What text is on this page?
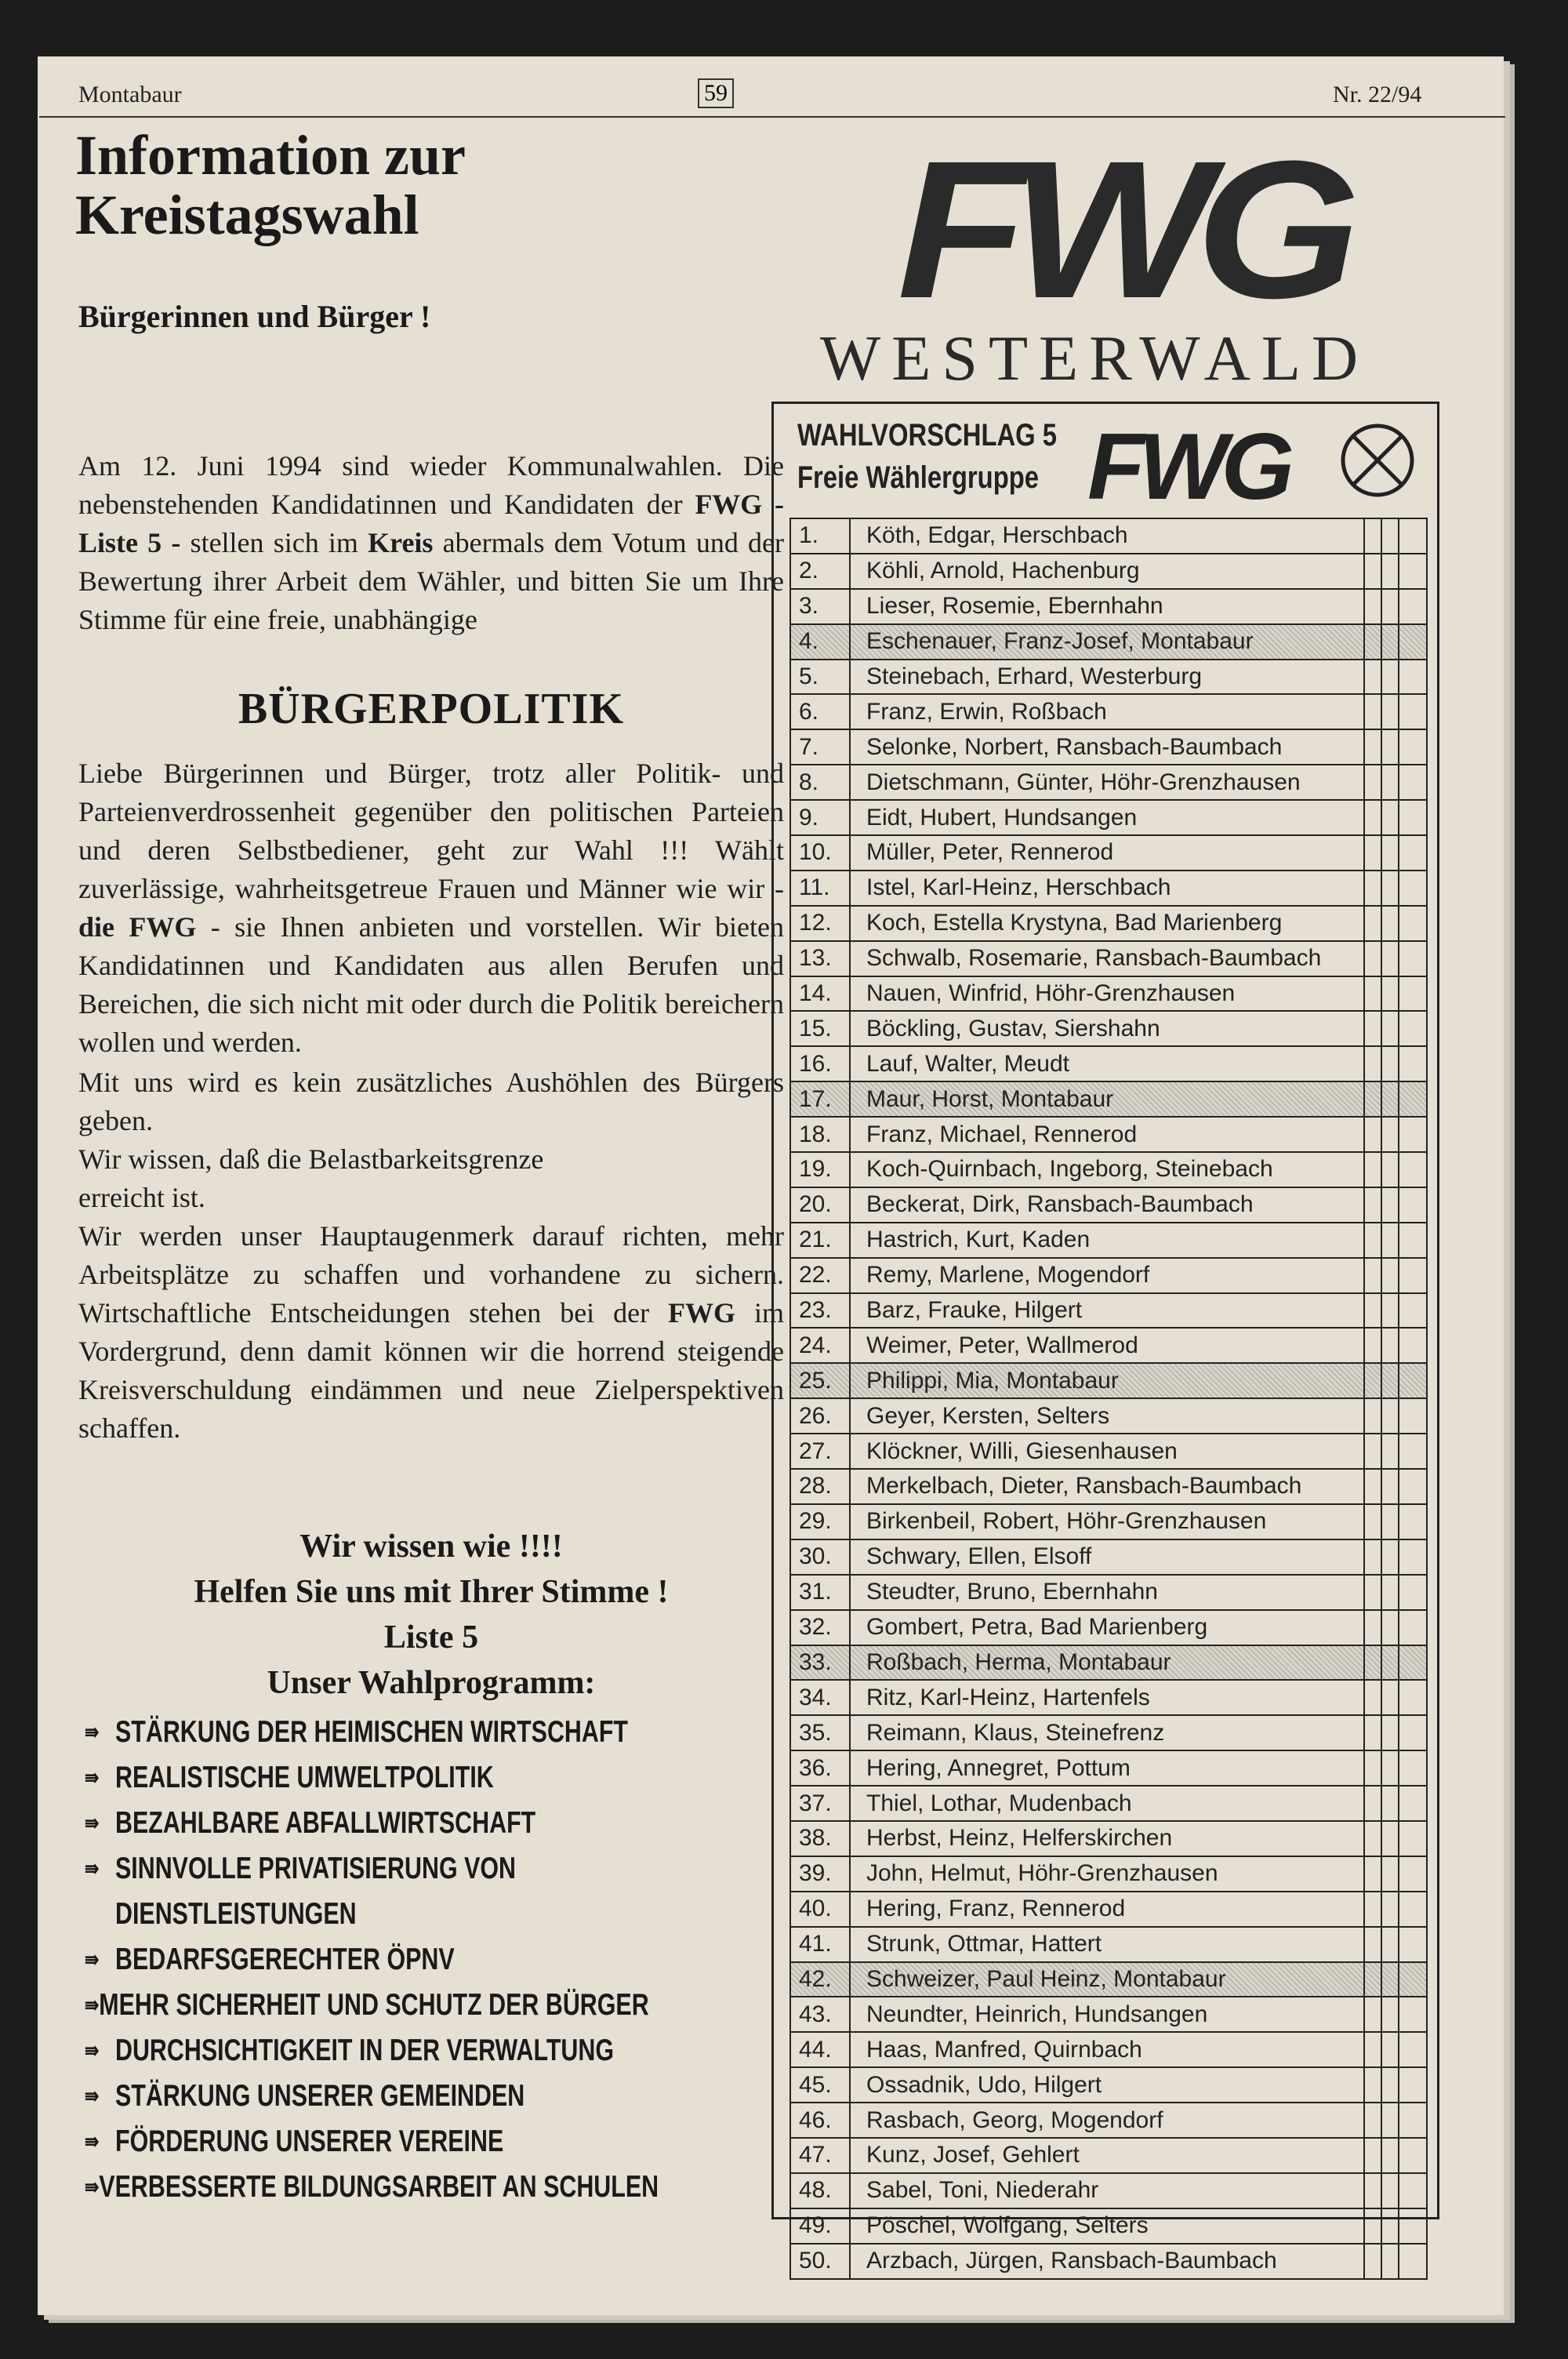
Montabaur	59	Nr. 22/94
Information zur
Kreistagswahl
Bürgerinnen und Bürger !
Am 12. Juni 1994 sind wieder Kommunalwahlen. Die nebenstehenden Kandidatinnen und Kandidaten der FWG - Liste 5 - stellen sich im Kreis abermals dem Votum und der Bewertung ihrer Arbeit dem Wähler, und bitten Sie um Ihre Stimme für eine freie, unabhängige
BÜRGERPOLITIK
Liebe Bürgerinnen und Bürger, trotz aller Politik- und Parteienverdrossenheit gegenüber den politischen Parteien und deren Selbstbediener, geht zur Wahl !!! Wählt zuverlässige, wahrheitsgetreue Frauen und Männer wie wir - die FWG - sie Ihnen anbieten und vorstellen. Wir bieten Kandidatinnen und Kandidaten aus allen Berufen und Bereichen, die sich nicht mit oder durch die Politik bereichern wollen und werden.
Mit uns wird es kein zusätzliches Aushöhlen des Bürgers geben.
Wir wissen, daß die Belastbarkeitsgrenze erreicht ist.
Wir werden unser Hauptaugenmerk darauf richten, mehr Arbeitsplätze zu schaffen und vorhandene zu sichern. Wirtschaftliche Entscheidungen stehen bei der FWG im Vordergrund, denn damit können wir die horrend steigende Kreisverschuldung eindämmen und neue Zielperspektiven schaffen.
Wir wissen wie !!!!
Helfen Sie uns mit Ihrer Stimme !
Liste 5
Unser Wahlprogramm:
⇛ STÄRKUNG DER HEIMISCHEN WIRTSCHAFT
⇛ REALISTISCHE UMWELTPOLITIK
⇛ BEZAHLBARE ABFALLWIRTSCHAFT
⇛ SINNVOLLE PRIVATISIERUNG VON
DIENSTLEISTUNGEN
⇛ BEDARFSGERECHTER ÖPNV
⇛ MEHR SICHERHEIT UND SCHUTZ DER BÜRGER
⇛ DURCHSICHTIGKEIT IN DER VERWALTUNG
⇛ STÄRKUNG UNSERER GEMEINDEN
⇛ FÖRDERUNG UNSERER VEREINE
⇛ VERBESSERTE BILDUNGSARBEIT AN SCHULEN
FWG
WESTERWALD
WAHLVORSCHLAG 5
Freie Wählergruppe FWG
1.	Köth, Edgar, Herschbach
2.	Köhli, Arnold, Hachenburg
3.	Lieser, Rosemie, Ebernhahn
4.	Eschenauer, Franz-Josef, Montabaur
5.	Steinebach, Erhard, Westerburg
6.	Franz, Erwin, Roßbach
7.	Selonke, Norbert, Ransbach-Baumbach
8.	Dietschmann, Günter, Höhr-Grenzhausen
9.	Eidt, Hubert, Hundsangen
10.	Müller, Peter, Rennerod
11.	Istel, Karl-Heinz, Herschbach
12.	Koch, Estella Krystyna, Bad Marienberg
13.	Schwalb, Rosemarie, Ransbach-Baumbach
14.	Nauen, Winfrid, Höhr-Grenzhausen
15.	Böckling, Gustav, Siershahn
16.	Lauf, Walter, Meudt
17.	Maur, Horst, Montabaur
18.	Franz, Michael, Rennerod
19.	Koch-Quirnbach, Ingeborg, Steinebach
20.	Beckerat, Dirk, Ransbach-Baumbach
21.	Hastrich, Kurt, Kaden
22.	Remy, Marlene, Mogendorf
23.	Barz, Frauke, Hilgert
24.	Weimer, Peter, Wallmerod
25.	Philippi, Mia, Montabaur
26.	Geyer, Kersten, Selters
27.	Klöckner, Willi, Giesenhausen
28.	Merkelbach, Dieter, Ransbach-Baumbach
29.	Birkenbeil, Robert, Höhr-Grenzhausen
30.	Schwary, Ellen, Elsoff
31.	Steudter, Bruno, Ebernhahn
32.	Gombert, Petra, Bad Marienberg
33.	Roßbach, Herma, Montabaur
34.	Ritz, Karl-Heinz, Hartenfels
35.	Reimann, Klaus, Steinefrenz
36.	Hering, Annegret, Pottum
37.	Thiel, Lothar, Mudenbach
38.	Herbst, Heinz, Helferskirchen
39.	John, Helmut, Höhr-Grenzhausen
40.	Hering, Franz, Rennerod
41.	Strunk, Ottmar, Hattert
42.	Schweizer, Paul Heinz, Montabaur
43.	Neundter, Heinrich, Hundsangen
44.	Haas, Manfred, Quirnbach
45.	Ossadnik, Udo, Hilgert
46.	Rasbach, Georg, Mogendorf
47.	Kunz, Josef, Gehlert
48.	Sabel, Toni, Niederahr
49.	Pöschel, Wolfgang, Selters
50.	Arzbach, Jürgen, Ransbach-Baumbach
